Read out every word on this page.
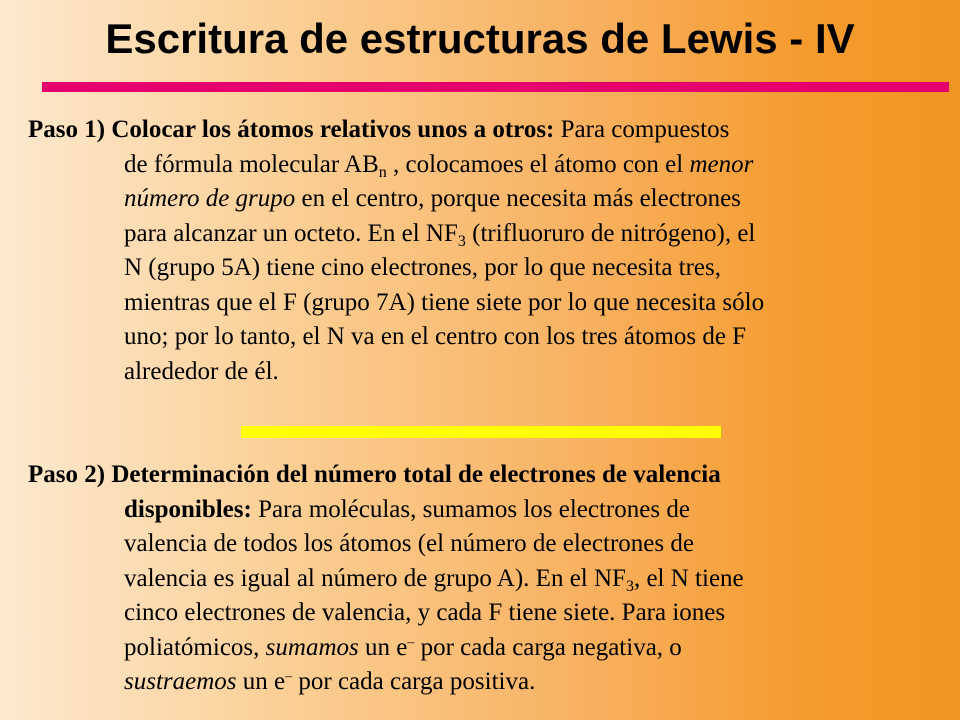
Escritura de estructuras de Lewis - IV
Paso 1) Colocar los átomos relativos unos a otros: Para compuestos
de fórmula molecular $AB_n$ , colocamoes el átomo con el menor
número de grupo en el centro, porque necesita más electrones
para alcanzar un octeto. En el $NF_3$ (trifluoruro de nitrógeno), el
N (grupo 5A) tiene cino electrones, por lo que necesita tres,
mientras que el F (grupo 7A) tiene siete por lo que necesita sólo
uno; por lo tanto, el N va en el centro con los tres átomos de F
alrededor de él.
Paso 2) Determinación del número total de electrones de valencia
disponibles: Para moléculas, sumamos los electrones de
valencia de todos los átomos (el número de electrones de
valencia es igual al número de grupo A). En el $NF_3$, el N tiene
cinco electrones de valencia, y cada F tiene siete. Para iones
poliatómicos, sumamos un e– por cada carga negativa, o
sustraemos un e– por cada carga positiva.
